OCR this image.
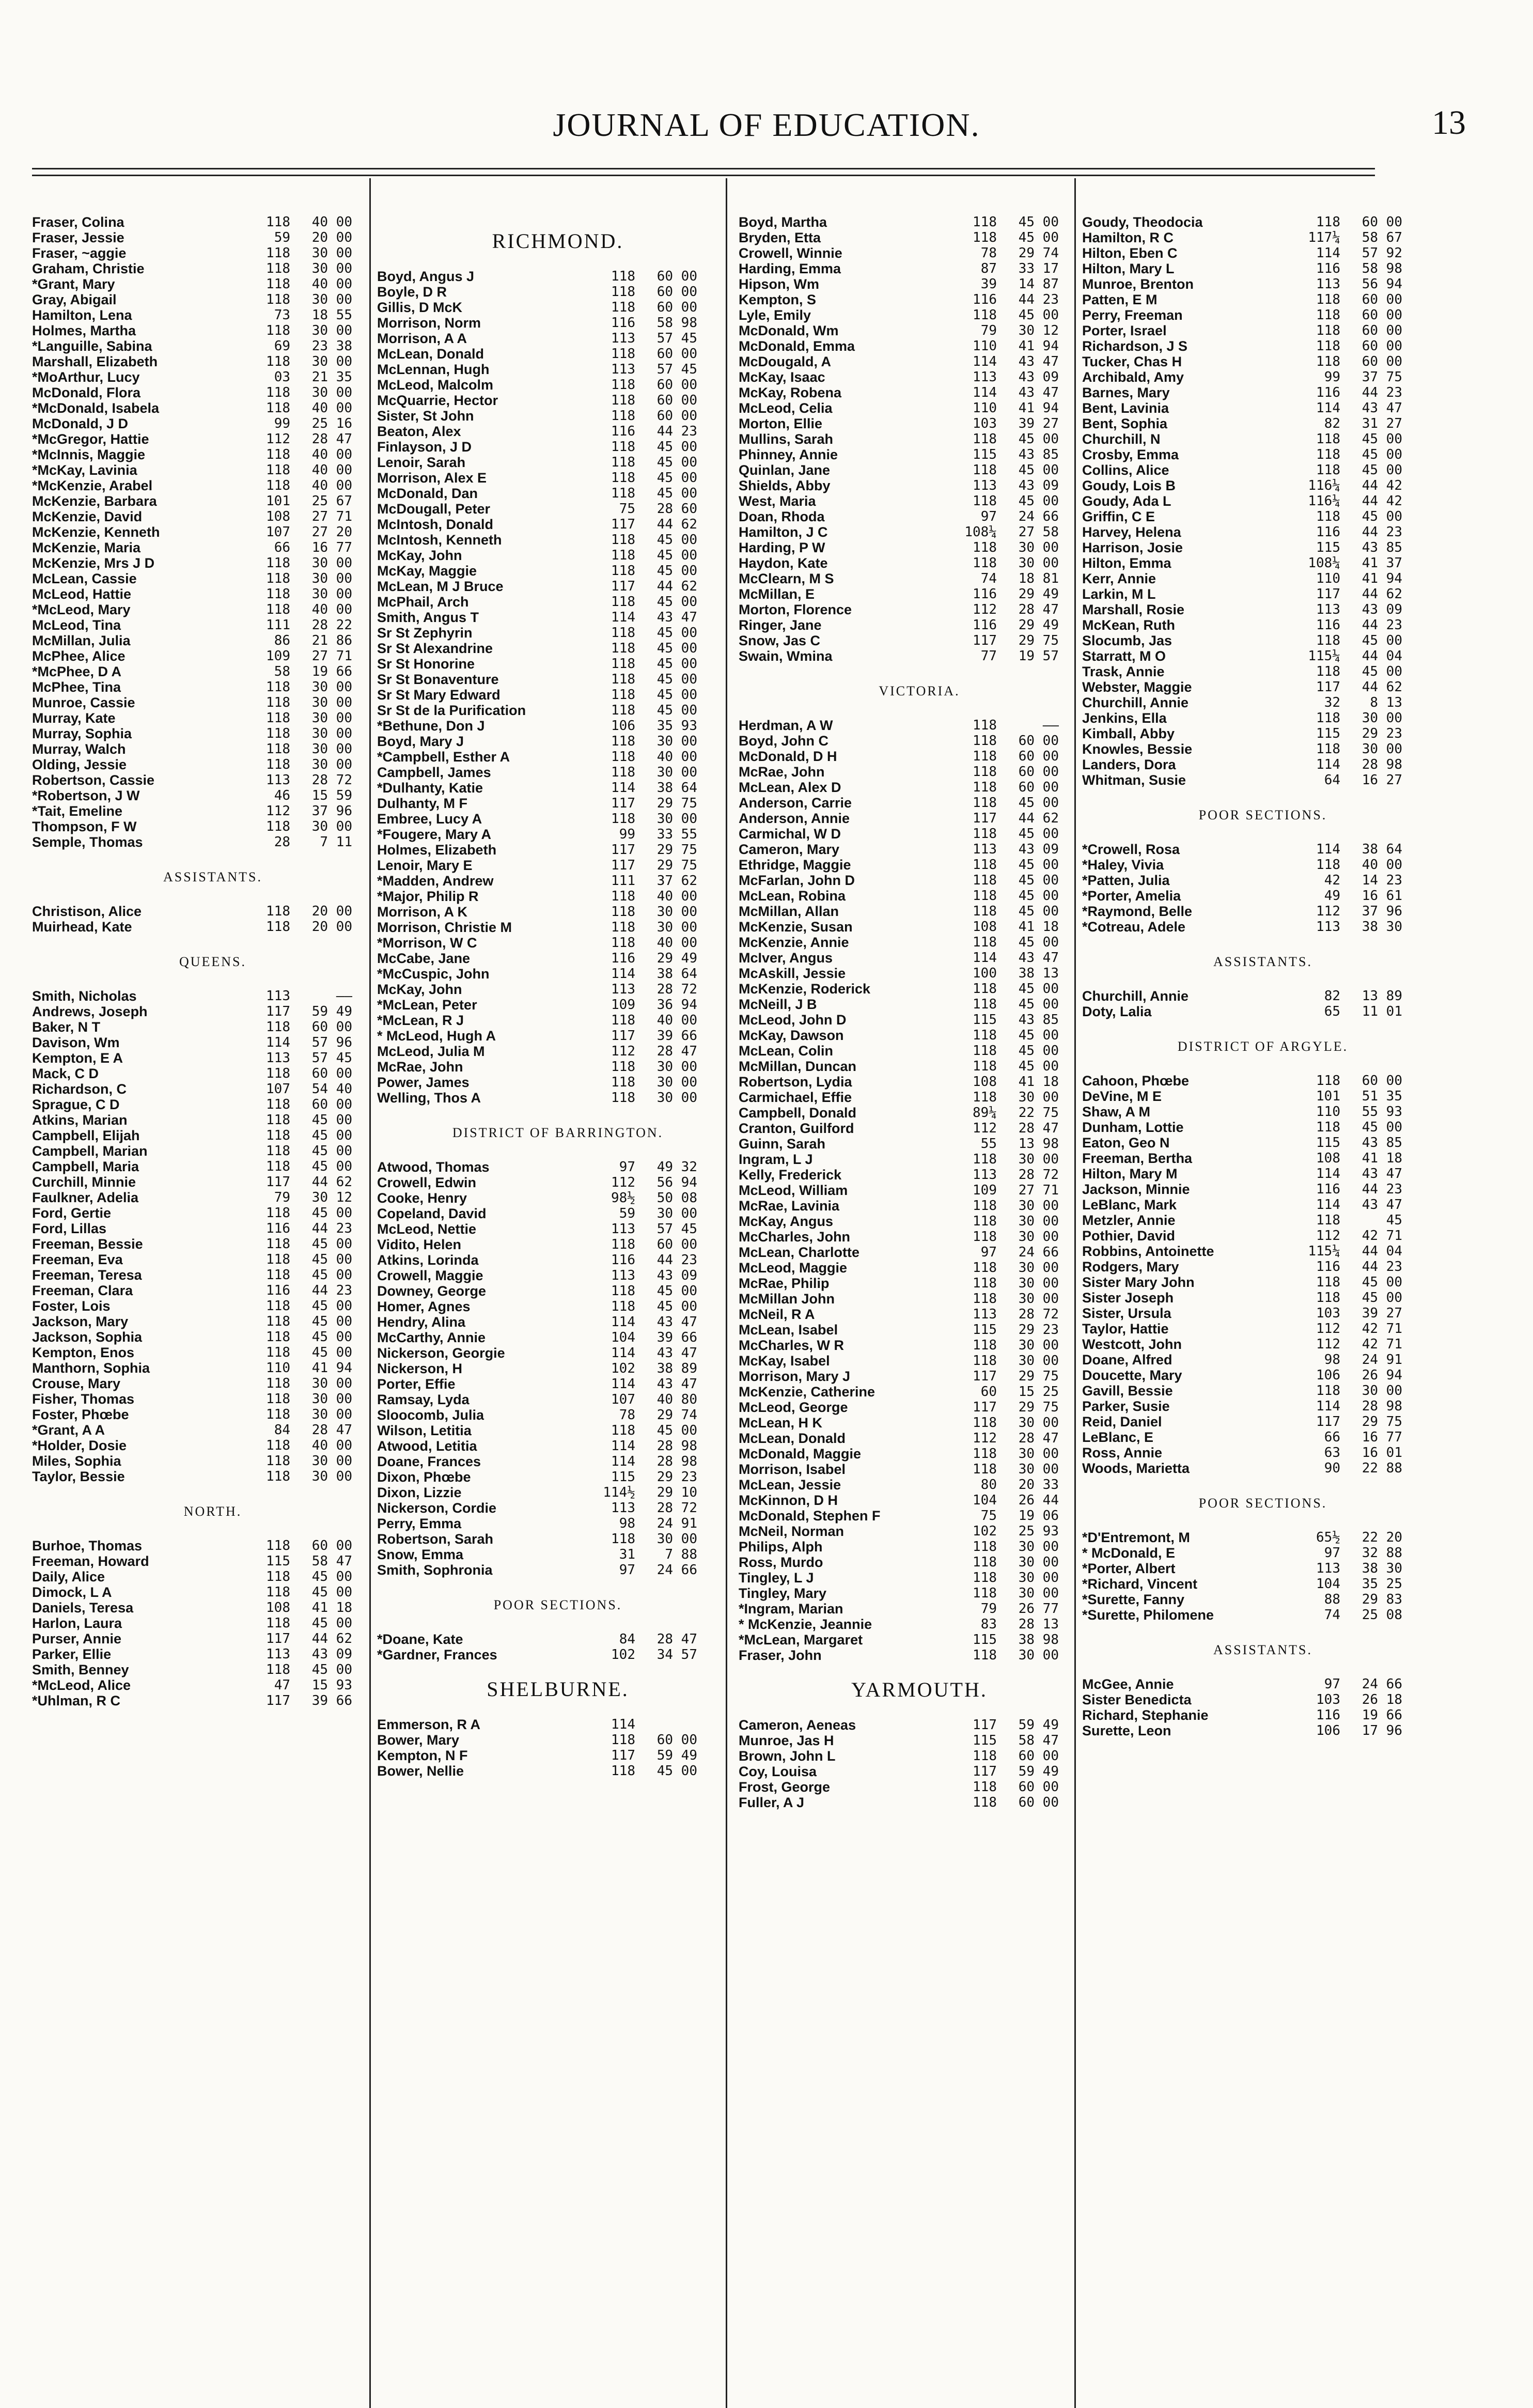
JOURNAL OF EDUCATION.	13
Fraser, Colina	118	40 00
Fraser, Jessie	59	20 00
Fraser, ~aggie	118	30 00
Graham, Christie	118	30 00
*Grant, Mary	118	40 00
Gray, Abigail	118	30 00
Hamilton, Lena	73	18 55
Holmes, Martha	118	30 00
*Languille, Sabina	69	23 38
Marshall, Elizabeth	118	30 00
*MoArthur, Lucy	03	21 35
McDonald, Flora	118	30 00
*McDonald, Isabela	118	40 00
McDonald, J D	99	25 16
*McGregor, Hattie	112	28 47
*McInnis, Maggie	118	40 00
*McKay, Lavinia	118	40 00
*McKenzie, Arabel	118	40 00
McKenzie, Barbara	101	25 67
McKenzie, David	108	27 71
McKenzie, Kenneth	107	27 20
McKenzie, Maria	66	16 77
McKenzie, Mrs J D	118	30 00
McLean, Cassie	118	30 00
McLeod, Hattie	118	30 00
*McLeod, Mary	118	40 00
McLeod, Tina	111	28 22
McMillan, Julia	86	21 86
McPhee, Alice	109	27 71
*McPhee, D A	58	19 66
McPhee, Tina	118	30 00
Munroe, Cassie	118	30 00
Murray, Kate	118	30 00
Murray, Sophia	118	30 00
Murray, Walch	118	30 00
Olding, Jessie	118	30 00
Robertson, Cassie	113	28 72
*Robertson, J W	46	15 59
*Tait, Emeline	112	37 96
Thompson, F W	118	30 00
Semple, Thomas	28	7 11
ASSISTANTS.
Christison, Alice	118	20 00
Muirhead, Kate	118	20 00
QUEENS.
Smith, Nicholas	113	——
Andrews, Joseph	117	59 49
Baker, N T	118	60 00
Davison, Wm	114	57 96
Kempton, E A	113	57 45
Mack, C D	118	60 00
Richardson, C	107	54 40
Sprague, C D	118	60 00
Atkins, Marian	118	45 00
Campbell, Elijah	118	45 00
Campbell, Marian	118	45 00
Campbell, Maria	118	45 00
Curchill, Minnie	117	44 62
Faulkner, Adelia	79	30 12
Ford, Gertie	118	45 00
Ford, Lillas	116	44 23
Freeman, Bessie	118	45 00
Freeman, Eva	118	45 00
Freeman, Teresa	118	45 00
Freeman, Clara	116	44 23
Foster, Lois	118	45 00
Jackson, Mary	118	45 00
Jackson, Sophia	118	45 00
Kempton, Enos	118	45 00
Manthorn, Sophia	110	41 94
Crouse, Mary	118	30 00
Fisher, Thomas	118	30 00
Foster, Phœbe	118	30 00
*Grant, A A	84	28 47
*Holder, Dosie	118	40 00
Miles, Sophia	118	30 00
Taylor, Bessie	118	30 00
NORTH.
Burhoe, Thomas	118	60 00
Freeman, Howard	115	58 47
Daily, Alice	118	45 00
Dimock, L A	118	45 00
Daniels, Teresa	108	41 18
Harlon, Laura	118	45 00
Purser, Annie	117	44 62
Parker, Ellie	113	43 09
Smith, Benney	118	45 00
*McLeod, Alice	47	15 93
*Uhlman, R C	117	39 66
RICHMOND.
Boyd, Angus J	118	60 00
Boyle, D R	118	60 00
Gillis, D McK	118	60 00
Morrison, Norm	116	58 98
Morrison, A A	113	57 45
McLean, Donald	118	60 00
McLennan, Hugh	113	57 45
McLeod, Malcolm	118	60 00
McQuarrie, Hector	118	60 00
Sister, St John	118	60 00
Beaton, Alex	116	44 23
Finlayson, J D	118	45 00
Lenoir, Sarah	118	45 00
Morrison, Alex E	118	45 00
McDonald, Dan	118	45 00
McDougall, Peter	75	28 60
McIntosh, Donald	117	44 62
McIntosh, Kenneth	118	45 00
McKay, John	118	45 00
McKay, Maggie	118	45 00
McLean, M J Bruce	117	44 62
McPhail, Arch	118	45 00
Smith, Angus T	114	43 47
Sr St Zephyrin	118	45 00
Sr St Alexandrine	118	45 00
Sr St Honorine	118	45 00
Sr St Bonaventure	118	45 00
Sr St Mary Edward	118	45 00
Sr St de la Purification	118	45 00
*Bethune, Don J	106	35 93
Boyd, Mary J	118	30 00
*Campbell, Esther A	118	40 00
Campbell, James	118	30 00
*Dulhanty, Katie	114	38 64
Dulhanty, M F	117	29 75
Embree, Lucy A	118	30 00
*Fougere, Mary A	99	33 55
Holmes, Elizabeth	117	29 75
Lenoir, Mary E	117	29 75
*Madden, Andrew	111	37 62
*Major, Philip R	118	40 00
Morrison, A K	118	30 00
Morrison, Christie M	118	30 00
*Morrison, W C	118	40 00
McCabe, Jane	116	29 49
*McCuspic, John	114	38 64
McKay, John	113	28 72
*McLean, Peter	109	36 94
*McLean, R J	118	40 00
* McLeod, Hugh A	117	39 66
McLeod, Julia M	112	28 47
McRae, John	118	30 00
Power, James	118	30 00
Welling, Thos A	118	30 00
DISTRICT OF BARRINGTON.
Atwood, Thomas	97	49 32
Crowell, Edwin	112	56 94
Cooke, Henry	98½	50 08
Copeland, David	59	30 00
McLeod, Nettie	113	57 45
Vidito, Helen	118	60 00
Atkins, Lorinda	116	44 23
Crowell, Maggie	113	43 09
Downey, George	118	45 00
Homer, Agnes	118	45 00
Hendry, Alina	114	43 47
McCarthy, Annie	104	39 66
Nickerson, Georgie	114	43 47
Nickerson, H	102	38 89
Porter, Effie	114	43 47
Ramsay, Lyda	107	40 80
Sloocomb, Julia	78	29 74
Wilson, Letitia	118	45 00
Atwood, Letitia	114	28 98
Doane, Frances	114	28 98
Dixon, Phœbe	115	29 23
Dixon, Lizzie	114½	29 10
Nickerson, Cordie	113	28 72
Perry, Emma	98	24 91
Robertson, Sarah	118	30 00
Snow, Emma	31	7 88
Smith, Sophronia	97	24 66
POOR SECTIONS.
*Doane, Kate	84	28 47
*Gardner, Frances	102	34 57
SHELBURNE.
Emmerson, R A	114
Bower, Mary	118	60 00
Kempton, N F	117	59 49
Bower, Nellie	118	45 00
Boyd, Martha	118	45 00
Bryden, Etta	118	45 00
Crowell, Winnie	78	29 74
Harding, Emma	87	33 17
Hipson, Wm	39	14 87
Kempton, S	116	44 23
Lyle, Emily	118	45 00
McDonald, Wm	79	30 12
McDonald, Emma	110	41 94
McDougald, A	114	43 47
McKay, Isaac	113	43 09
McKay, Robena	114	43 47
McLeod, Celia	110	41 94
Morton, Ellie	103	39 27
Mullins, Sarah	118	45 00
Phinney, Annie	115	43 85
Quinlan, Jane	118	45 00
Shields, Abby	113	43 09
West, Maria	118	45 00
Doan, Rhoda	97	24 66
Hamilton, J C	108¼	27 58
Harding, P W	118	30 00
Haydon, Kate	118	30 00
McClearn, M S	74	18 81
McMillan, E	116	29 49
Morton, Florence	112	28 47
Ringer, Jane	116	29 49
Snow, Jas C	117	29 75
Swain, Wmina	77	19 57
VICTORIA.
Herdman, A W	118	——
Boyd, John C	118	60 00
McDonald, D H	118	60 00
McRae, John	118	60 00
McLean, Alex D	118	60 00
Anderson, Carrie	118	45 00
Anderson, Annie	117	44 62
Carmichal, W D	118	45 00
Cameron, Mary	113	43 09
Ethridge, Maggie	118	45 00
McFarlan, John D	118	45 00
McLean, Robina	118	45 00
McMillan, Allan	118	45 00
McKenzie, Susan	108	41 18
McKenzie, Annie	118	45 00
McIver, Angus	114	43 47
McAskill, Jessie	100	38 13
McKenzie, Roderick	118	45 00
McNeill, J B	118	45 00
McLeod, John D	115	43 85
McKay, Dawson	118	45 00
McLean, Colin	118	45 00
McMillan, Duncan	118	45 00
Robertson, Lydia	108	41 18
Carmichael, Effie	118	30 00
Campbell, Donald	89¼	22 75
Cranton, Guilford	112	28 47
Guinn, Sarah	55	13 98
Ingram, L J	118	30 00
Kelly, Frederick	113	28 72
McLeod, William	109	27 71
McRae, Lavinia	118	30 00
McKay, Angus	118	30 00
McCharles, John	118	30 00
McLean, Charlotte	97	24 66
McLeod, Maggie	118	30 00
McRae, Philip	118	30 00
McMillan John	118	30 00
McNeil, R A	113	28 72
McLean, Isabel	115	29 23
McCharles, W R	118	30 00
McKay, Isabel	118	30 00
Morrison, Mary J	117	29 75
McKenzie, Catherine	60	15 25
McLeod, George	117	29 75
McLean, H K	118	30 00
McLean, Donald	112	28 47
McDonald, Maggie	118	30 00
Morrison, Isabel	118	30 00
McLean, Jessie	80	20 33
McKinnon, D H	104	26 44
McDonald, Stephen F	75	19 06
McNeil, Norman	102	25 93
Philips, Alph	118	30 00
Ross, Murdo	118	30 00
Tingley, L J	118	30 00
Tingley, Mary	118	30 00
*Ingram, Marian	79	26 77
* McKenzie, Jeannie	83	28 13
*McLean, Margaret	115	38 98
Fraser, John	118	30 00
YARMOUTH.
Cameron, Aeneas	117	59 49
Munroe, Jas H	115	58 47
Brown, John L	118	60 00
Coy, Louisa	117	59 49
Frost, George	118	60 00
Fuller, A J	118	60 00
Goudy, Theodocia	118	60 00
Hamilton, R C	117¼	58 67
Hilton, Eben C	114	57 92
Hilton, Mary L	116	58 98
Munroe, Brenton	113	56 94
Patten, E M	118	60 00
Perry, Freeman	118	60 00
Porter, Israel	118	60 00
Richardson, J S	118	60 00
Tucker, Chas H	118	60 00
Archibald, Amy	99	37 75
Barnes, Mary	116	44 23
Bent, Lavinia	114	43 47
Bent, Sophia	82	31 27
Churchill, N	118	45 00
Crosby, Emma	118	45 00
Collins, Alice	118	45 00
Goudy, Lois B	116¼	44 42
Goudy, Ada L	116¼	44 42
Griffin, C E	118	45 00
Harvey, Helena	116	44 23
Harrison, Josie	115	43 85
Hilton, Emma	108¼	41 37
Kerr, Annie	110	41 94
Larkin, M L	117	44 62
Marshall, Rosie	113	43 09
McKean, Ruth	116	44 23
Slocumb, Jas	118	45 00
Starratt, M O	115¼	44 04
Trask, Annie	118	45 00
Webster, Maggie	117	44 62
Churchill, Annie	32	8 13
Jenkins, Ella	118	30 00
Kimball, Abby	115	29 23
Knowles, Bessie	118	30 00
Landers, Dora	114	28 98
Whitman, Susie	64	16 27
POOR SECTIONS.
*Crowell, Rosa	114	38 64
*Haley, Vivia	118	40 00
*Patten, Julia	42	14 23
*Porter, Amelia	49	16 61
*Raymond, Belle	112	37 96
*Cotreau, Adele	113	38 30
ASSISTANTS.
Churchill, Annie	82	13 89
Doty, Lalia	65	11 01
DISTRICT OF ARGYLE.
Cahoon, Phœbe	118	60 00
DeVine, M E	101	51 35
Shaw, A M	110	55 93
Dunham, Lottie	118	45 00
Eaton, Geo N	115	43 85
Freeman, Bertha	108	41 18
Hilton, Mary M	114	43 47
Jackson, Minnie	116	44 23
LeBlanc, Mark	114	43 47
Metzler, Annie	118	45
Pothier, David	112	42 71
Robbins, Antoinette	115¼	44 04
Rodgers, Mary	116	44 23
Sister Mary John	118	45 00
Sister Joseph	118	45 00
Sister, Ursula	103	39 27
Taylor, Hattie	112	42 71
Westcott, John	112	42 71
Doane, Alfred	98	24 91
Doucette, Mary	106	26 94
Gavill, Bessie	118	30 00
Parker, Susie	114	28 98
Reid, Daniel	117	29 75
LeBlanc, E	66	16 77
Ross, Annie	63	16 01
Woods, Marietta	90	22 88
POOR SECTIONS.
*D'Entremont, M	65½	22 20
* McDonald, E	97	32 88
*Porter, Albert	113	38 30
*Richard, Vincent	104	35 25
*Surette, Fanny	88	29 83
*Surette, Philomene	74	25 08
ASSISTANTS.
McGee, Annie	97	24 66
Sister Benedicta	103	26 18
Richard, Stephanie	116	19 66
Surette, Leon	106	17 96
